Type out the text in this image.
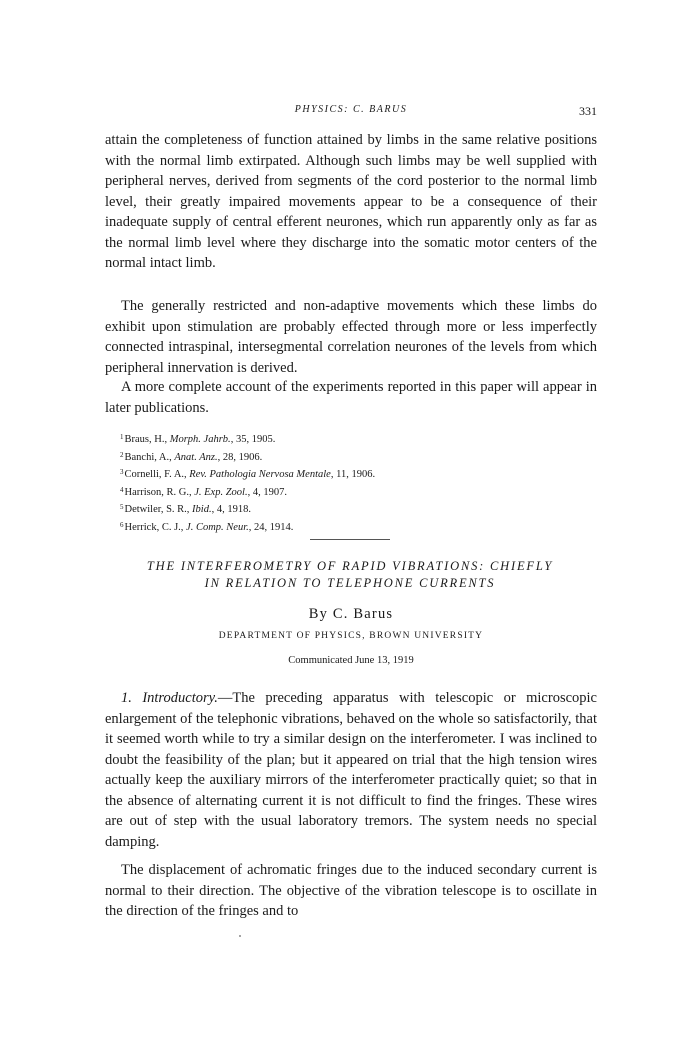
PHYSICS: C. BARUS	331

attain the completeness of function attained by limbs in the same relative positions with the normal limb extirpated. Although such limbs may be well supplied with peripheral nerves, derived from segments of the cord posterior to the normal limb level, their greatly impaired movements appear to be a consequence of their inadequate supply of central efferent neurones, which run apparently only as far as the normal limb level where they discharge into the somatic motor centers of the normal intact limb.

The generally restricted and non-adaptive movements which these limbs do exhibit upon stimulation are probably effected through more or less imperfectly connected intraspinal, intersegmental correlation neurones of the levels from which peripheral innervation is derived.

A more complete account of the experiments reported in this paper will appear in later publications.

$^1$Braus, H., Morph. Jahrb., 35, 1905.
$^2$Banchi, A., Anat. Anz., 28, 1906.
$^3$Cornelli, F. A., Rev. Pathologia Nervosa Mentale, 11, 1906.
$^4$Harrison, R. G., J. Exp. Zool., 4, 1907.
$^5$Detwiler, S. R., Ibid., 4, 1918.
$^6$Herrick, C. J., J. Comp. Neur., 24, 1914.
THE INTERFEROMETRY OF RAPID VIBRATIONS: CHIEFLY
IN RELATION TO TELEPHONE CURRENTS
By C. Barus
DEPARTMENT OF PHYSICS, BROWN UNIVERSITY
Communicated June 13, 1919

1. Introductory.—The preceding apparatus with telescopic or microscopic enlargement of the telephonic vibrations, behaved on the whole so satisfactorily, that it seemed worth while to try a similar design on the interferometer. I was inclined to doubt the feasibility of the plan; but it appeared on trial that the high tension wires actually keep the auxiliary mirrors of the interferometer practically quiet; so that in the absence of alternating current it is not difficult to find the fringes. These wires are out of step with the usual laboratory tremors. The system needs no special damping.

The displacement of achromatic fringes due to the induced secondary current is normal to their direction. The objective of the vibration telescope is to oscillate in the direction of the fringes and to
